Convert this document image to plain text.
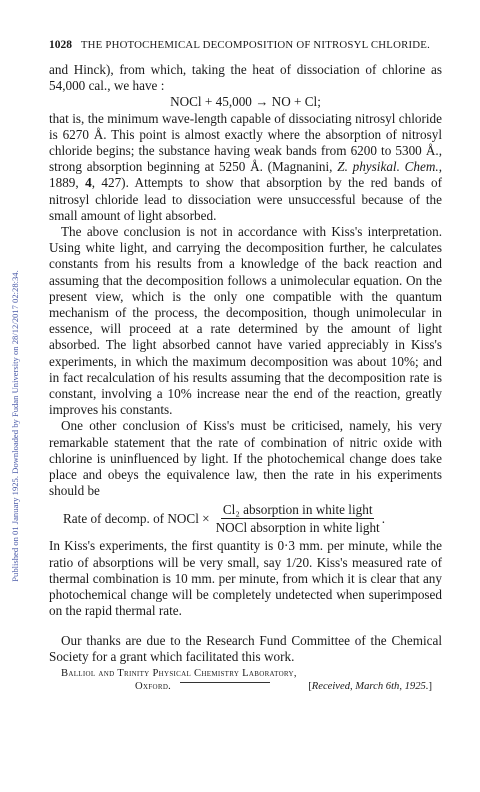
Published on 01 January 1925. Downloaded by Fudan University on 28/12/2017 02:28:34.
1028 THE PHOTOCHEMICAL DECOMPOSITION OF NITROSYL CHLORIDE.

and Hinck), from which, taking the heat of dissociation of chlorine as 54,000 cal., we have :

NOCl + 45,000 → NO + Cl;

that is, the minimum wave-length capable of dissociating nitrosyl chloride is 6270 Å. This point is almost exactly where the absorption of nitrosyl chloride begins; the substance having weak bands from 6200 to 5300 Å., strong absorption beginning at 5250 Å. (Magnanini, Z. physikal. Chem., 1889, 4, 427). Attempts to show that absorption by the red bands of nitrosyl chloride lead to dissociation were unsuccessful because of the small amount of light absorbed.

The above conclusion is not in accordance with Kiss's interpretation. Using white light, and carrying the decomposition further, he calculates constants from his results from a knowledge of the back reaction and assuming that the decomposition follows a unimolecular equation. On the present view, which is the only one compatible with the quantum mechanism of the process, the decomposition, though unimolecular in essence, will proceed at a rate determined by the amount of light absorbed. The light absorbed cannot have varied appreciably in Kiss's experiments, in which the maximum decomposition was about 10%; and in fact recalculation of his results assuming that the decomposition rate is constant, involving a 10% increase near the end of the reaction, greatly improves his constants.

One other conclusion of Kiss's must be criticised, namely, his very remarkable statement that the rate of combination of nitric oxide with chlorine is uninfluenced by light. If the photochemical change does take place and obeys the equivalence law, then the rate in his experiments should be

Rate of decomp. of NOCl × $\frac{\text{Cl₂ absorption in white light}}{\text{NOCl absorption in white light}}$ .

In Kiss's experiments, the first quantity is 0·3 mm. per minute, while the ratio of absorptions will be very small, say 1/20. Kiss's measured rate of thermal combination is 10 mm. per minute, from which it is clear that any photochemical change will be completely undetected when superimposed on the rapid thermal rate.

Our thanks are due to the Research Fund Committee of the Chemical Society for a grant which facilitated this work.

Balliol and Trinity Physical Chemistry Laboratory,
Oxford.	[Received, March 6th, 1925.]
